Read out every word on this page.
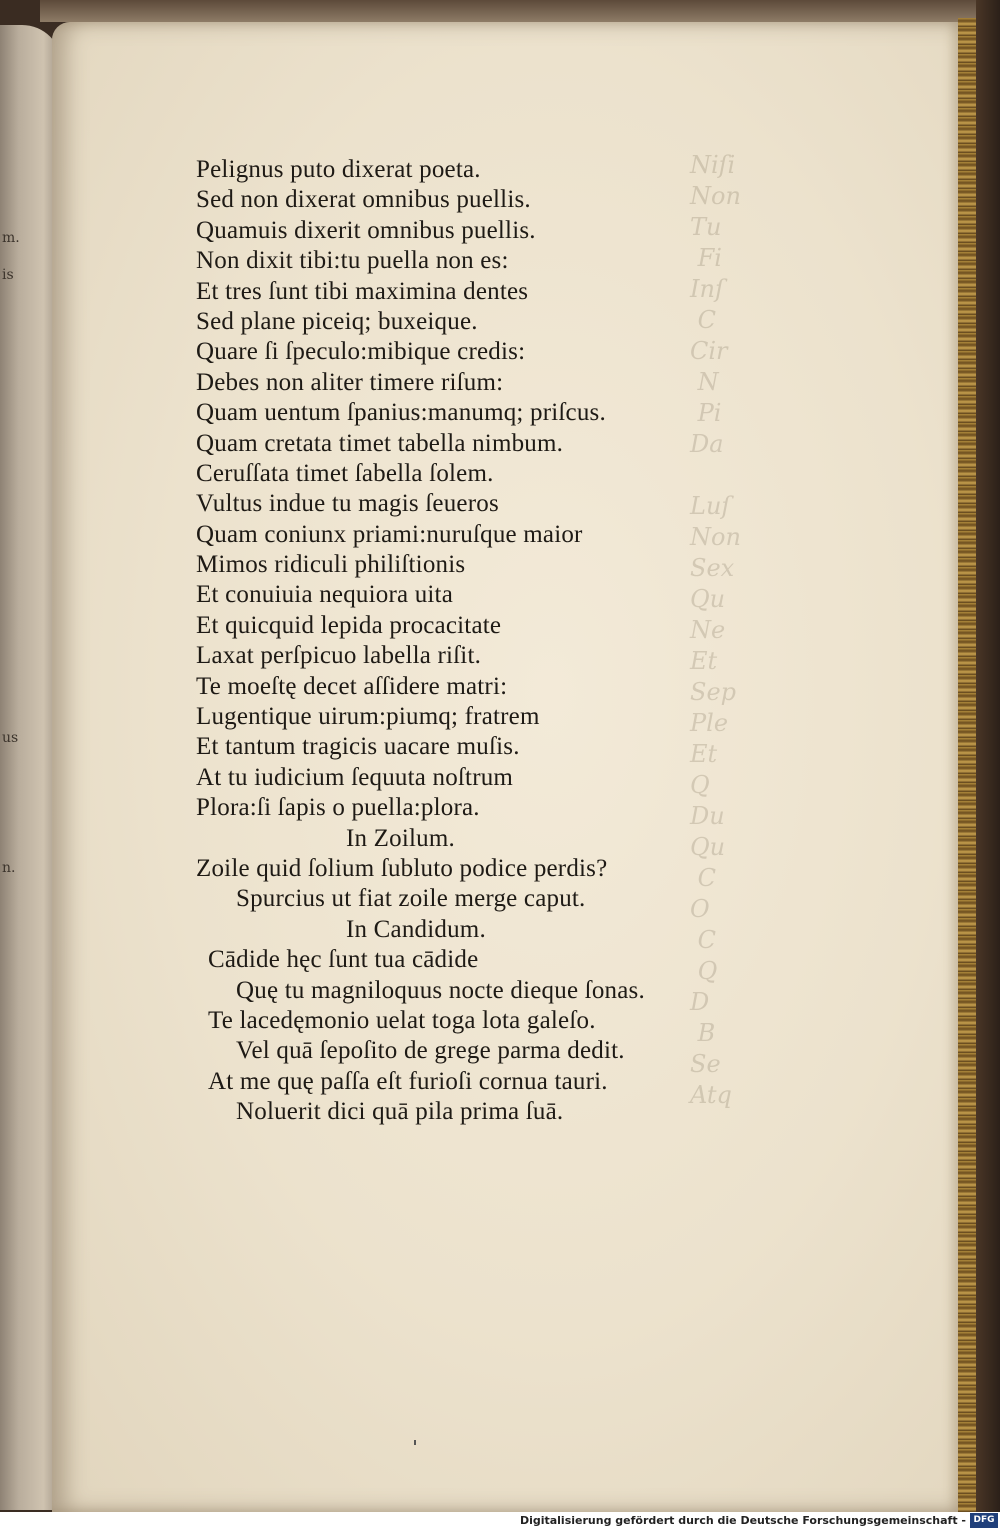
m.
is
us
n.
Niſi
Non
Tu
Fi
Inſ
C
Cir
N
Pi
Da

Luſ
Non
Sex
Qu
Ne
Et
Sep
Ple
Et
Q
Du
Qu
C
O
C
Q
D
B
Se
Atq
Pelignus puto dixerat poeta.
Sed non dixerat omnibus puellis.
Quamuis dixerit omnibus puellis.
Non dixit tibi:tu puella non es:
Et tres ſunt tibi maximina dentes
Sed plane piceiq; buxeique.
Quare ſi ſpeculo:mibique credis:
Debes non aliter timere riſum:
Quam uentum ſpanius:manumq; priſcus.
Quam cretata timet tabella nimbum.
Ceruſſata timet ſabella ſolem.
Vultus indue tu magis ſeueros
Quam coniunx priami:nuruſque maior
Mimos ridiculi philiſtionis
Et conuiuia nequiora uita
Et quicquid lepida procacitate
Laxat perſpicuo labella riſit.
Te moeſtę decet aſſidere matri:
Lugentique uirum:piumq; fratrem
Et tantum tragicis uacare muſis.
At tu iudicium ſequuta noſtrum
Plora:ſi ſapis o puella:plora.
In Zoilum.
Zoile quid ſolium ſubluto podice perdis?
Spurcius ut fiat zoile merge caput.
In Candidum.
Cādide hęc ſunt tua cādide
Quę tu magniloquus nocte dieque ſonas.
Te lacedęmonio uelat toga lota galeſo.
Vel quā ſepoſito de grege parma dedit.
At me quę paſſa eſt furioſi cornua tauri.
Noluerit dici quā pila prima ſuā.
Digitalisierung gefördert durch die Deutsche Forschungsgemeinschaft - DFG
